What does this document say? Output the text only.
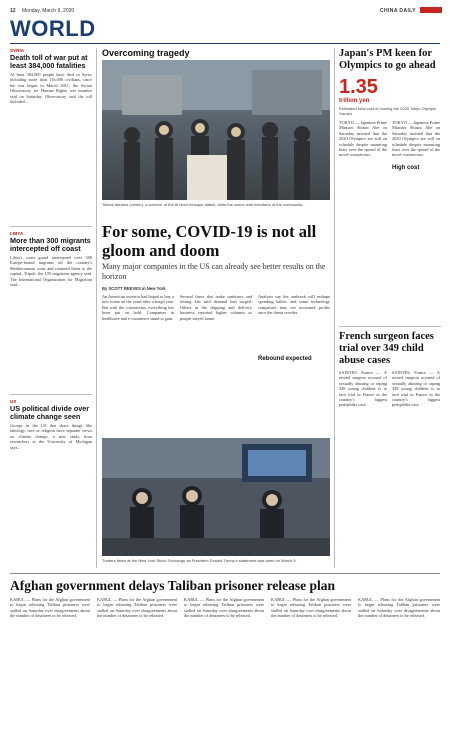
12 Monday, March 9, 2020	CHINA DAILY
WORLD
SYRIA
Death toll of war put at least 384,000 fatalities
At least 384,000 people have died in Syria, including more than 116,000 civilians, since the war began in March 2011, the Syrian Observatory for Human Rights war monitor said on Saturday. Observatory said the toll included...
LIBYA
More than 300 migrants intercepted off coast
Libya's coast guard intercepted over 300 Europe-bound migrants off the country's Mediterranean coast and returned them to the capital, Tripoli, the UN migration agency said. The International Organization for Migration said...
US
US political divide over climate change seen
Groups in the US that share things like ideology, race or religion have separate views on climate change, a new study from researchers at the University of Michigan says...
Overcoming tragedy
Tsheal Abrams (center), a survivor of the Al Noor mosque attack, visits the scene with members of the community...
For some, COVID-19 is not all gloom and doom
Many major companies in the US can already see better results on the horizon
By SCOTT REEVES in New York
An American investor had hoped to buy a new home on the coast after a tough year. But with the coronavirus, everything has been put on hold. Companies in healthcare and e-commerce stand to gain.
Several firms that make sanitizers and testing kits said demand had surged. Others in the shipping and delivery business reported higher volumes as people stayed home.
Analysts say the outbreak will reshape spending habits, and some technology companies may see increased profits once the threat recedes.
Rebound expected
Traders listen at the New York Stock Exchange as President Donald Trump's statement was aired on March 9.
Japan's PM keen for Olympics to go ahead
1.35
trillion yen
Estimated total cost of hosting the 2020 Tokyo Olympic Games
TOKYO — Japanese Prime Minister Shinzo Abe on Saturday insisted that the 2020 Olympics are still on schedule despite mounting fears over the spread of the novel coronavirus.
TOKYO — Japanese Prime Minister Shinzo Abe on Saturday insisted that the 2020 Olympics are still on schedule despite mounting fears over the spread of the novel coronavirus.
High cost
French surgeon faces trial over 349 child abuse cases
SAINTES, France — A retired surgeon accused of sexually abusing or raping 349 young children is to face trial in France in the country's biggest pedophilia case.
SAINTES, France — A retired surgeon accused of sexually abusing or raping 349 young children is to face trial in France in the country's biggest pedophilia case.
Afghan government delays Taliban prisoner release plan
KABUL — Plans for the Afghan government to begin releasing Taliban prisoners were stalled on Saturday over disagreements about the number of detainees to be released.
KABUL — Plans for the Afghan government to begin releasing Taliban prisoners were stalled on Saturday over disagreements about the number of detainees to be released.
KABUL — Plans for the Afghan government to begin releasing Taliban prisoners were stalled on Saturday over disagreements about the number of detainees to be released.
KABUL — Plans for the Afghan government to begin releasing Taliban prisoners were stalled on Saturday over disagreements about the number of detainees to be released.
KABUL — Plans for the Afghan government to begin releasing Taliban prisoners were stalled on Saturday over disagreements about the number of detainees to be released.
